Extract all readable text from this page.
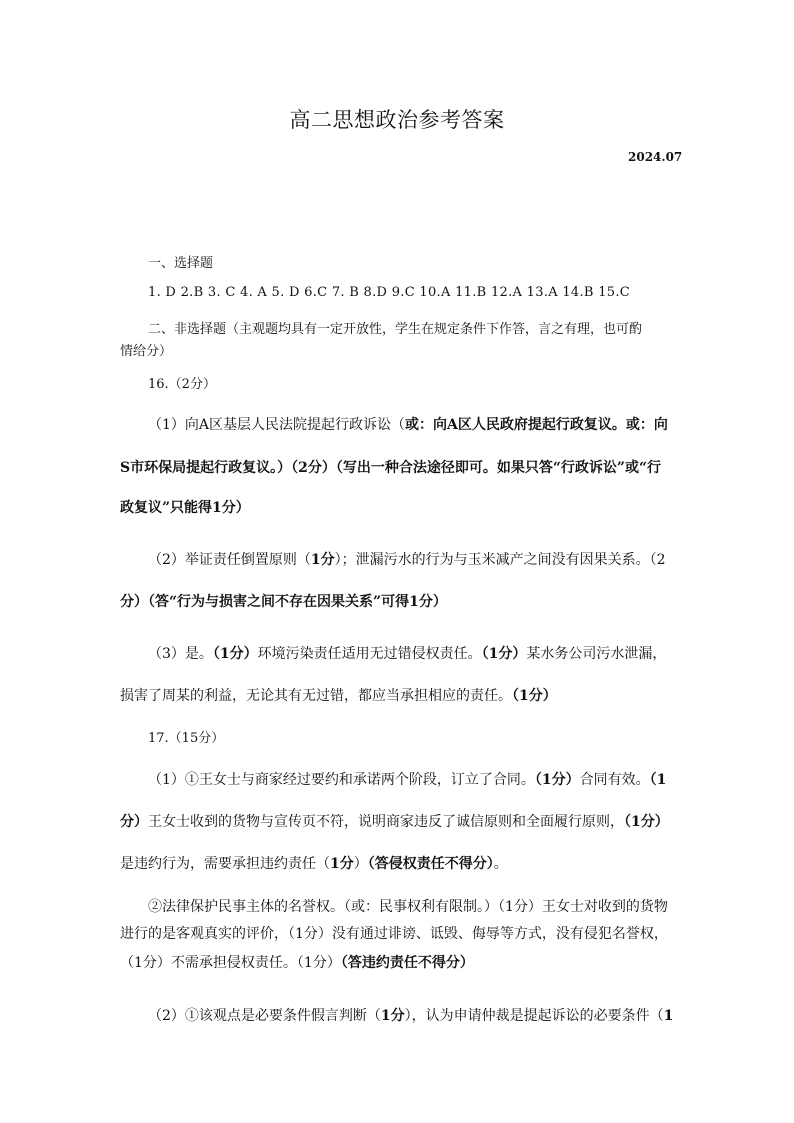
高二思想政治参考答案
2024.07
一、选择题
1. D 2.B 3. C 4. A 5. D 6.C 7. B 8.D 9.C 10.A 11.B 12.A 13.A 14.B 15.C
二、非选择题（主观题均具有一定开放性，学生在规定条件下作答，言之有理，也可酌
情给分）
16.（2分）
（1）向A区基层人民法院提起行政诉讼（或：向A区人民政府提起行政复议。或：向
S市环保局提起行政复议。）（2分）（写出一种合法途径即可。如果只答“行政诉讼”或“行
政复议”只能得1分）
（2）举证责任倒置原则（1分）；泄漏污水的行为与玉米减产之间没有因果关系。（2
分）（答“行为与损害之间不存在因果关系”可得1分）
（3）是。（1分）环境污染责任适用无过错侵权责任。（1分）某水务公司污水泄漏，
损害了周某的利益，无论其有无过错，都应当承担相应的责任。（1分）
17.（15分）
（1）①王女士与商家经过要约和承诺两个阶段，订立了合同。（1分）合同有效。（1
分）王女士收到的货物与宣传页不符，说明商家违反了诚信原则和全面履行原则，（1分）
是违约行为，需要承担违约责任（1分）（答侵权责任不得分）。
②法律保护民事主体的名誉权。（或：民事权利有限制。）（1分）王女士对收到的货物
进行的是客观真实的评价，（1分）没有通过诽谤、诋毁、侮辱等方式，没有侵犯名誉权，
（1分）不需承担侵权责任。（1分）（答违约责任不得分）
（2）①该观点是必要条件假言判断（1分），认为申请仲裁是提起诉讼的必要条件（1
